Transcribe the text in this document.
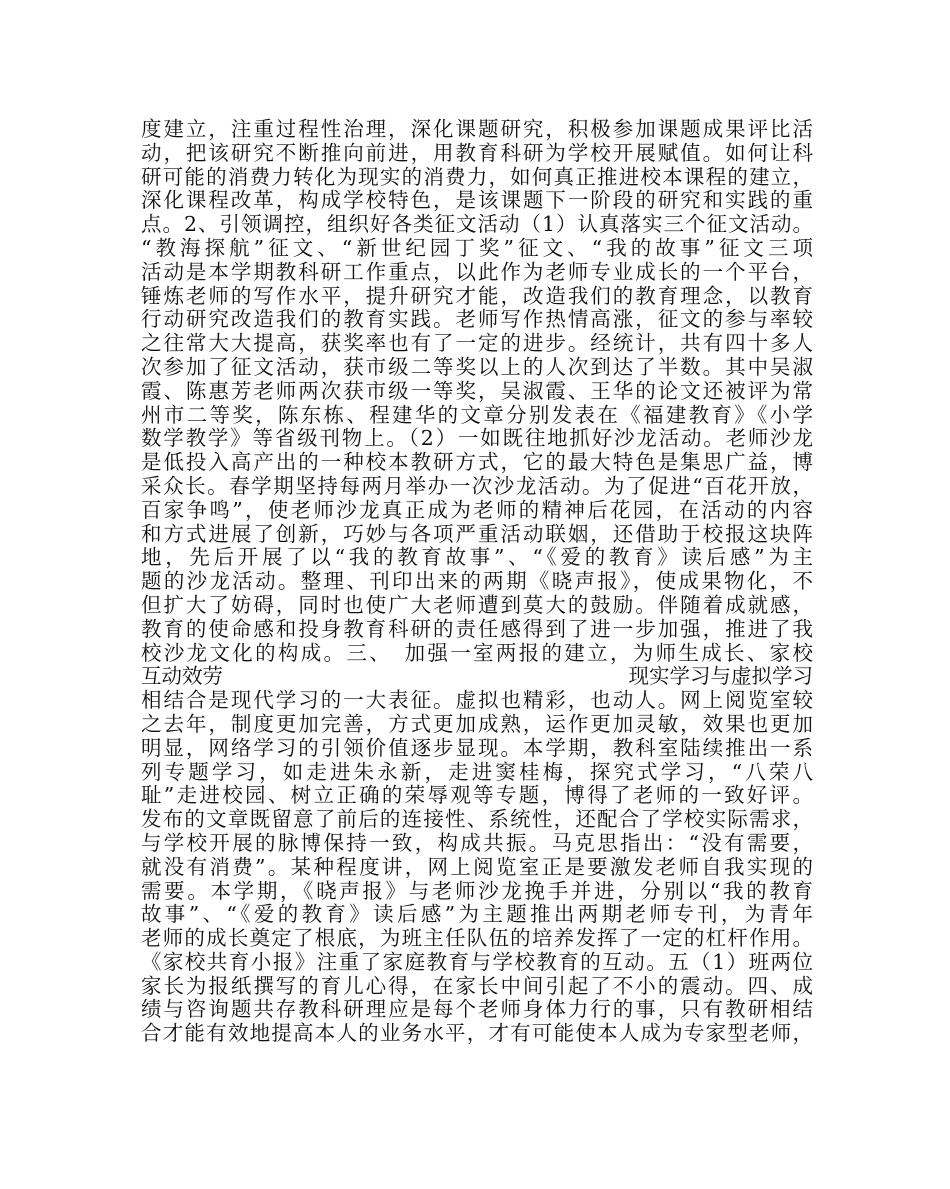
度建立，注重过程性治理，深化课题研究，积极参加课题成果评比活
动，把该研究不断推向前进，用教育科研为学校开展赋值。如何让科
研可能的消费力转化为现实的消费力，如何真正推进校本课程的建立，
深化课程改革，构成学校特色，是该课题下一阶段的研究和实践的重
点。2、引领调控，组织好各类征文活动（1）认真落实三个征文活动。
“教海探航”征文、“新世纪园丁奖”征文、“我的故事”征文三项
活动是本学期教科研工作重点，以此作为老师专业成长的一个平台，
锤炼老师的写作水平，提升研究才能，改造我们的教育理念，以教育
行动研究改造我们的教育实践。老师写作热情高涨，征文的参与率较
之往常大大提高，获奖率也有了一定的进步。经统计，共有四十多人
次参加了征文活动，获市级二等奖以上的人次到达了半数。其中吴淑
霞、陈惠芳老师两次获市级一等奖，吴淑霞、王华的论文还被评为常
州市二等奖，陈东栋、程建华的文章分别发表在《福建教育》《小学
数学教学》等省级刊物上。（2）一如既往地抓好沙龙活动。老师沙龙
是低投入高产出的一种校本教研方式，它的最大特色是集思广益，博
采众长。春学期坚持每两月举办一次沙龙活动。为了促进“百花开放，
百家争鸣”，使老师沙龙真正成为老师的精神后花园，在活动的内容
和方式进展了创新，巧妙与各项严重活动联姻，还借助于校报这块阵
地，先后开展了以“我的教育故事”、“《爱的教育》读后感”为主
题的沙龙活动。整理、刊印出来的两期《晓声报》，使成果物化，不
但扩大了妨碍，同时也使广大老师遭到莫大的鼓励。伴随着成就感，
教育的使命感和投身教育科研的责任感得到了进一步加强，推进了我
校沙龙文化的构成。三、　加强一室两报的建立，为师生成长、家校
互动效劳	现实学习与虚拟学习
相结合是现代学习的一大表征。虚拟也精彩，也动人。网上阅览室较
之去年，制度更加完善，方式更加成熟，运作更加灵敏，效果也更加
明显，网络学习的引领价值逐步显现。本学期，教科室陆续推出一系
列专题学习，如走进朱永新，走进窦桂梅，探究式学习，“八荣八
耻”走进校园、树立正确的荣辱观等专题，博得了老师的一致好评。
发布的文章既留意了前后的连接性、系统性，还配合了学校实际需求，
与学校开展的脉博保持一致，构成共振。马克思指出：“没有需要，
就没有消费”。某种程度讲，网上阅览室正是要激发老师自我实现的
需要。本学期，《晓声报》与老师沙龙挽手并进，分别以“我的教育
故事”、“《爱的教育》读后感”为主题推出两期老师专刊，为青年
老师的成长奠定了根底，为班主任队伍的培养发挥了一定的杠杆作用。
《家校共育小报》注重了家庭教育与学校教育的互动。五（1）班两位
家长为报纸撰写的育儿心得，在家长中间引起了不小的震动。四、成
绩与咨询题共存教科研理应是每个老师身体力行的事，只有教研相结
合才能有效地提高本人的业务水平，才有可能使本人成为专家型老师，
